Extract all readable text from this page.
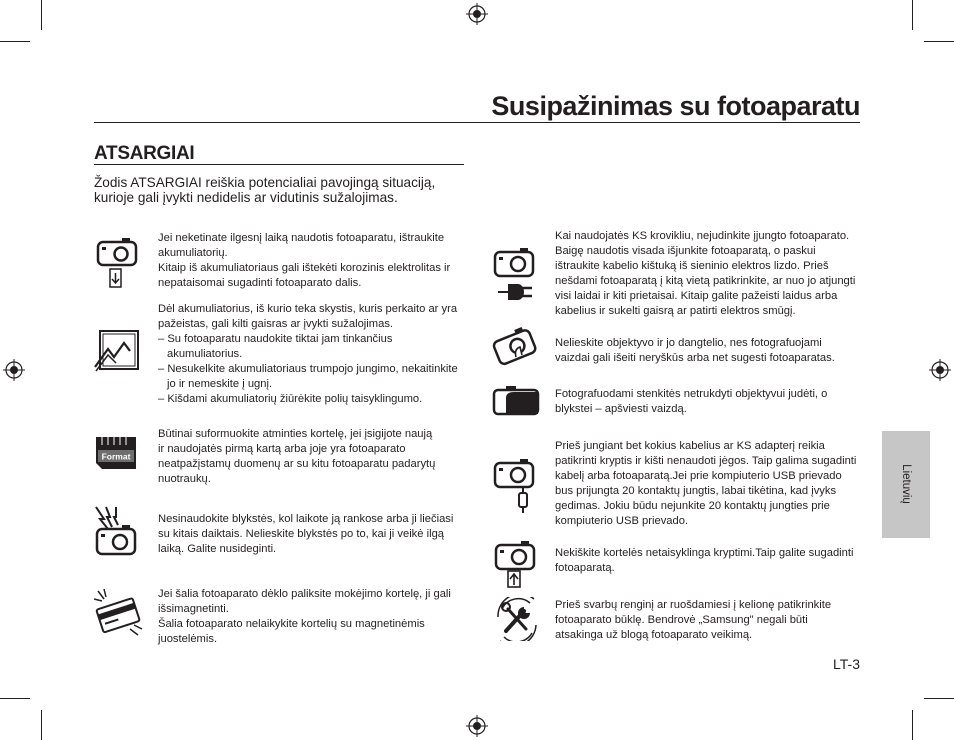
Susipažinimas su fotoaparatu
ATSARGIAI
Žodis ATSARGIAI reiškia potencialiai pavojingą situaciją,
kurioje gali įvykti nedidelis ar vidutinis sužalojimas.

Jei neketinate ilgesnį laiką naudotis fotoaparatu, ištraukite

akumuliatorių.

Kitaip iš akumuliatoriaus gali ištekėti korozinis elektrolitas ir

nepataisomai sugadinti fotoaparato dalis.

Dėl akumuliatorius, iš kurio teka skystis, kuris perkaito ar yra

pažeistas, gali kilti gaisras ar įvykti sužalojimas.

– Su fotoaparatu naudokite tiktai jam tinkančius akumuliatorius.

– Nesukelkite akumuliatoriaus trumpojo jungimo, nekaitinkite jo ir nemeskite į ugnį.

– Kišdami akumuliatorių žiūrėkite polių taisyklingumo.

Format

Būtinai suformuokite atminties kortelę, jei įsigijote naują

ir naudojatės pirmą kartą arba joje yra fotoaparato

neatpažįstamų duomenų ar su kitu fotoaparatu padarytų

nuotraukų.

Nesinaudokite blykstės, kol laikote ją rankose arba ji liečiasi

su kitais daiktais. Nelieskite blykstės po to, kai ji veikė ilgą

laiką. Galite nusideginti.

Jei šalia fotoaparato dėklo paliksite mokėjimo kortelę, ji gali

išsimagnetinti.

Šalia fotoaparato nelaikykite kortelių su magnetinėmis

juostelėmis.

Kai naudojatės KS krovikliu, nejudinkite įjungto fotoaparato.

Baigę naudotis visada išjunkite fotoaparatą, o paskui

ištraukite kabelio kištuką iš sieninio elektros lizdo. Prieš

nešdami fotoaparatą į kitą vietą patikrinkite, ar nuo jo atjungti

visi laidai ir kiti prietaisai. Kitaip galite pažeisti laidus arba

kabelius ir sukelti gaisrą ar patirti elektros smūgį.

Nelieskite objektyvo ir jo dangtelio, nes fotografuojami

vaizdai gali išeiti neryškūs arba net sugesti fotoaparatas.

Fotografuodami stenkitės netrukdyti objektyvui judėti, o

blykstei – apšviesti vaizdą.

Prieš jungiant bet kokius kabelius ar KS adapterį reikia

patikrinti kryptis ir kišti nenaudoti jėgos. Taip galima sugadinti

kabelį arba fotoaparatą.Jei prie kompiuterio USB prievado

bus prijungta 20 kontaktų jungtis, labai tikėtina, kad įvyks

gedimas. Jokiu būdu nejunkite 20 kontaktų jungties prie

kompiuterio USB prievado.

Nekiškite kortelės netaisyklinga kryptimi.Taip galite sugadinti

fotoaparatą.

Prieš svarbų renginį ar ruošdamiesi į kelionę patikrinkite

fotoaparato būklę. Bendrovė „Samsung" negali būti

atsakinga už blogą fotoaparato veikimą.

Lietuvių
LT-3
